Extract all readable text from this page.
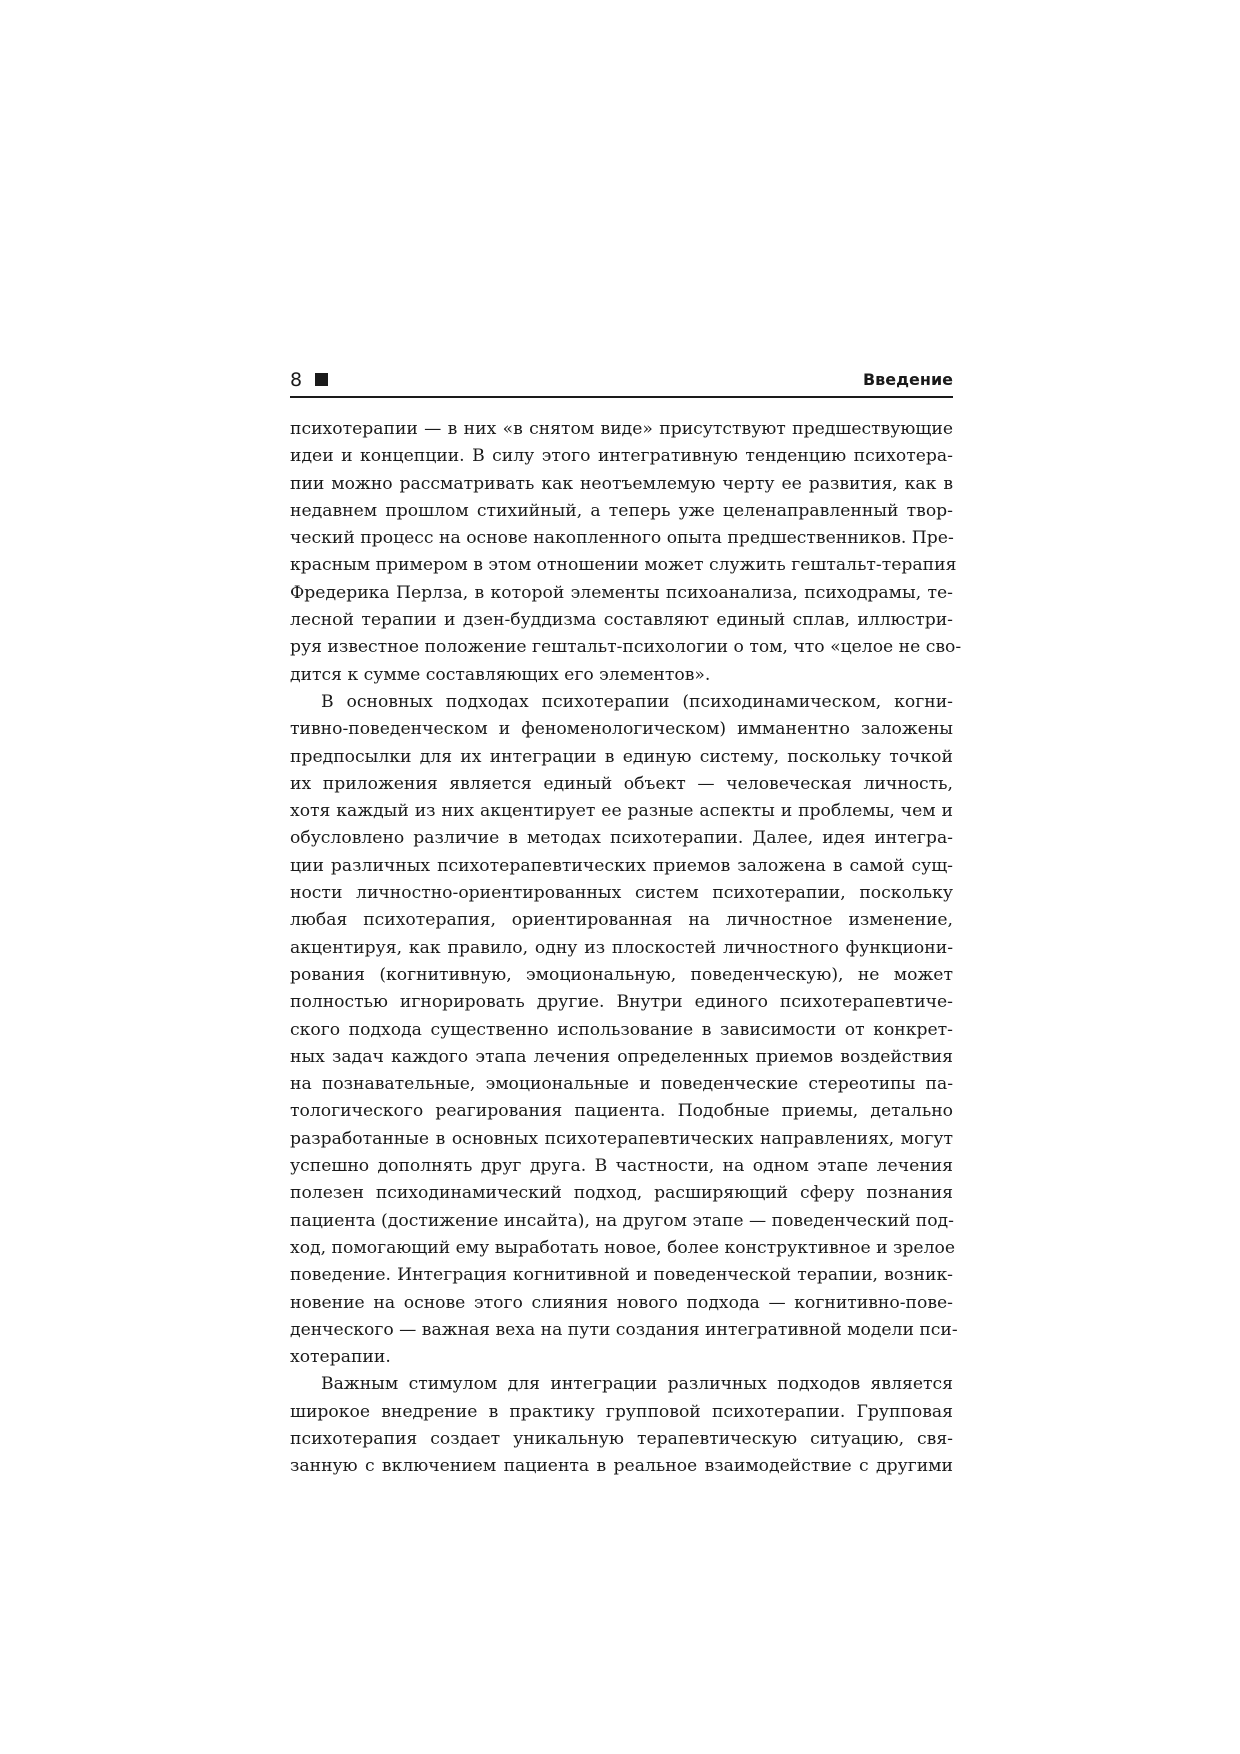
8	Введение
психотерапии — в них «в снятом виде» присутствуют предшествующие
идеи и концепции. В силу этого интегративную тенденцию психотера-
пии можно рассматривать как неотъемлемую черту ее развития, как в
недавнем прошлом стихийный, а теперь уже целенаправленный твор-
ческий процесс на основе накопленного опыта предшественников. Пре-
красным примером в этом отношении может служить гештальт-терапия
Фредерика Перлза, в которой элементы психоанализа, психодрамы, те-
лесной терапии и дзен-буддизма составляют единый сплав, иллюстри-
руя известное положение гештальт-психологии о том, что «целое не сво-
дится к сумме составляющих его элементов».
В основных подходах психотерапии (психодинамическом, когни-
тивно-поведенческом и феноменологическом) имманентно заложены
предпосылки для их интеграции в единую систему, поскольку точкой
их приложения является единый объект — человеческая личность,
хотя каждый из них акцентирует ее разные аспекты и проблемы, чем и
обусловлено различие в методах психотерапии. Далее, идея интегра-
ции различных психотерапевтических приемов заложена в самой сущ-
ности личностно-ориентированных систем психотерапии, поскольку
любая психотерапия, ориентированная на личностное изменение,
акцентируя, как правило, одну из плоскостей личностного функциони-
рования (когнитивную, эмоциональную, поведенческую), не может
полностью игнорировать другие. Внутри единого психотерапевтиче-
ского подхода существенно использование в зависимости от конкрет-
ных задач каждого этапа лечения определенных приемов воздействия
на познавательные, эмоциональные и поведенческие стереотипы па-
тологического реагирования пациента. Подобные приемы, детально
разработанные в основных психотерапевтических направлениях, могут
успешно дополнять друг друга. В частности, на одном этапе лечения
полезен психодинамический подход, расширяющий сферу познания
пациента (достижение инсайта), на другом этапе — поведенческий под-
ход, помогающий ему выработать новое, более конструктивное и зрелое
поведение. Интеграция когнитивной и поведенческой терапии, возник-
новение на основе этого слияния нового подхода — когнитивно-пове-
денческого — важная веха на пути создания интегративной модели пси-
хотерапии.
Важным стимулом для интеграции различных подходов является
широкое внедрение в практику групповой психотерапии. Групповая
психотерапия создает уникальную терапевтическую ситуацию, свя-
занную с включением пациента в реальное взаимодействие с другими
